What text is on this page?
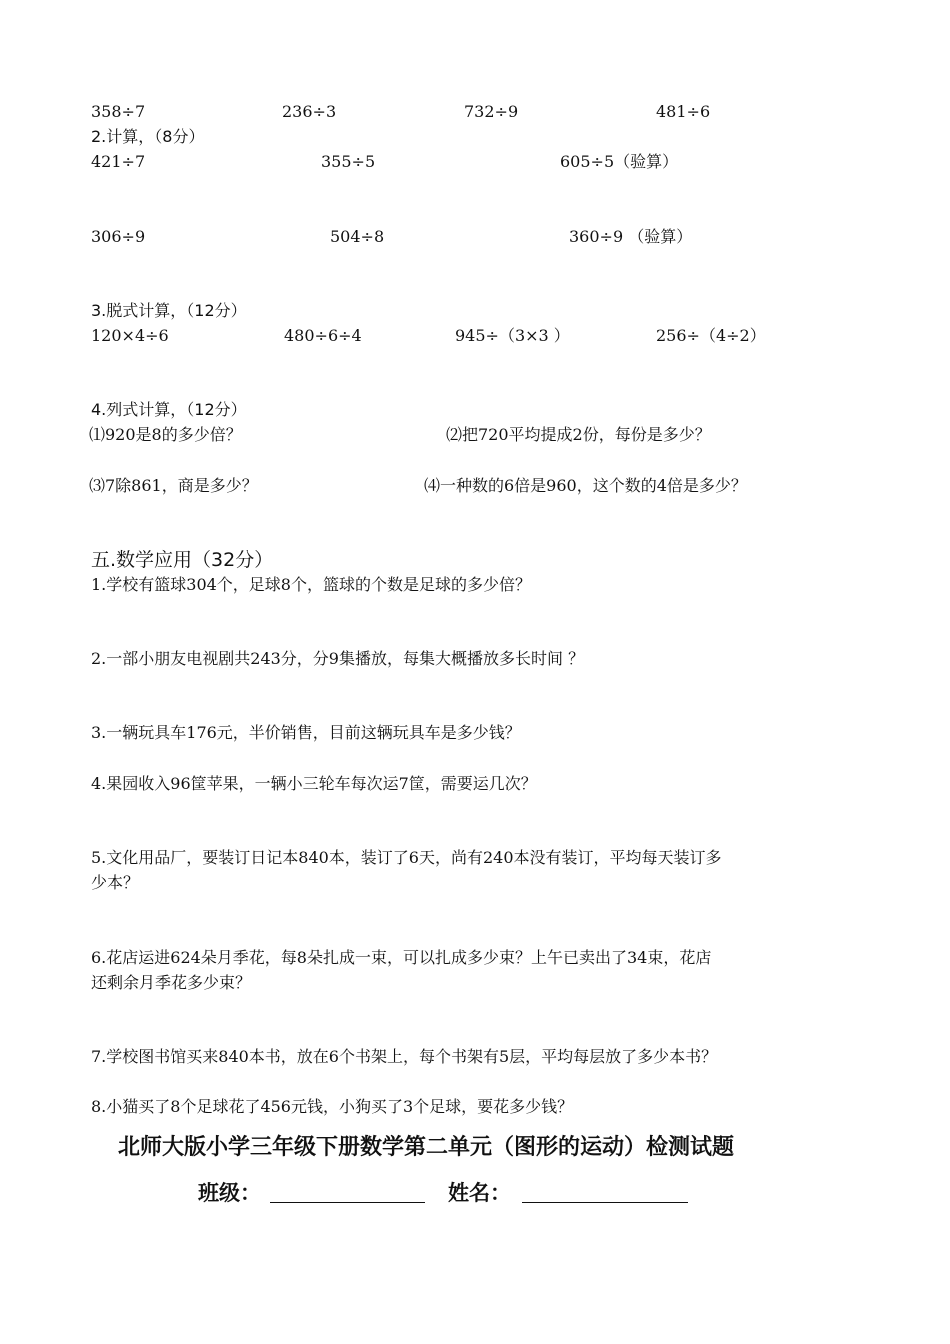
358÷7	236÷3	732÷9	481÷6
2.计算，（8分）
421÷7	355÷5	605÷5（验算）
306÷9	504÷8	360÷9 （验算）
3.脱式计算，（12分）
120×4÷6	480÷6÷4	945÷（3×3 ）	256÷（4÷2）
4.列式计算，（12分）
⑴920是8的多少倍？	⑵把720平均提成2份，每份是多少？
⑶7除861，商是多少？	⑷一种数的6倍是960，这个数的4倍是多少？
五.数学应用（32分）
1.学校有篮球304个，足球8个，篮球的个数是足球的多少倍？
2.一部小朋友电视剧共243分，分9集播放，每集大概播放多长时间 ？
3.一辆玩具车176元，半价销售，目前这辆玩具车是多少钱？
4.果园收入96筐苹果，一辆小三轮车每次运7筐，需要运几次？
5.文化用品厂，要装订日记本840本，装订了6天，尚有240本没有装订，平均每天装订多
少本？
6.花店运进624朵月季花，每8朵扎成一束，可以扎成多少束？上午已卖出了34束，花店
还剩余月季花多少束？
7.学校图书馆买来840本书，放在6个书架上，每个书架有5层，平均每层放了多少本书？
8.小猫买了8个足球花了456元钱，小狗买了3个足球，要花多少钱？
北师大版小学三年级下册数学第二单元（图形的运动）检测试题
班级：	姓名：
